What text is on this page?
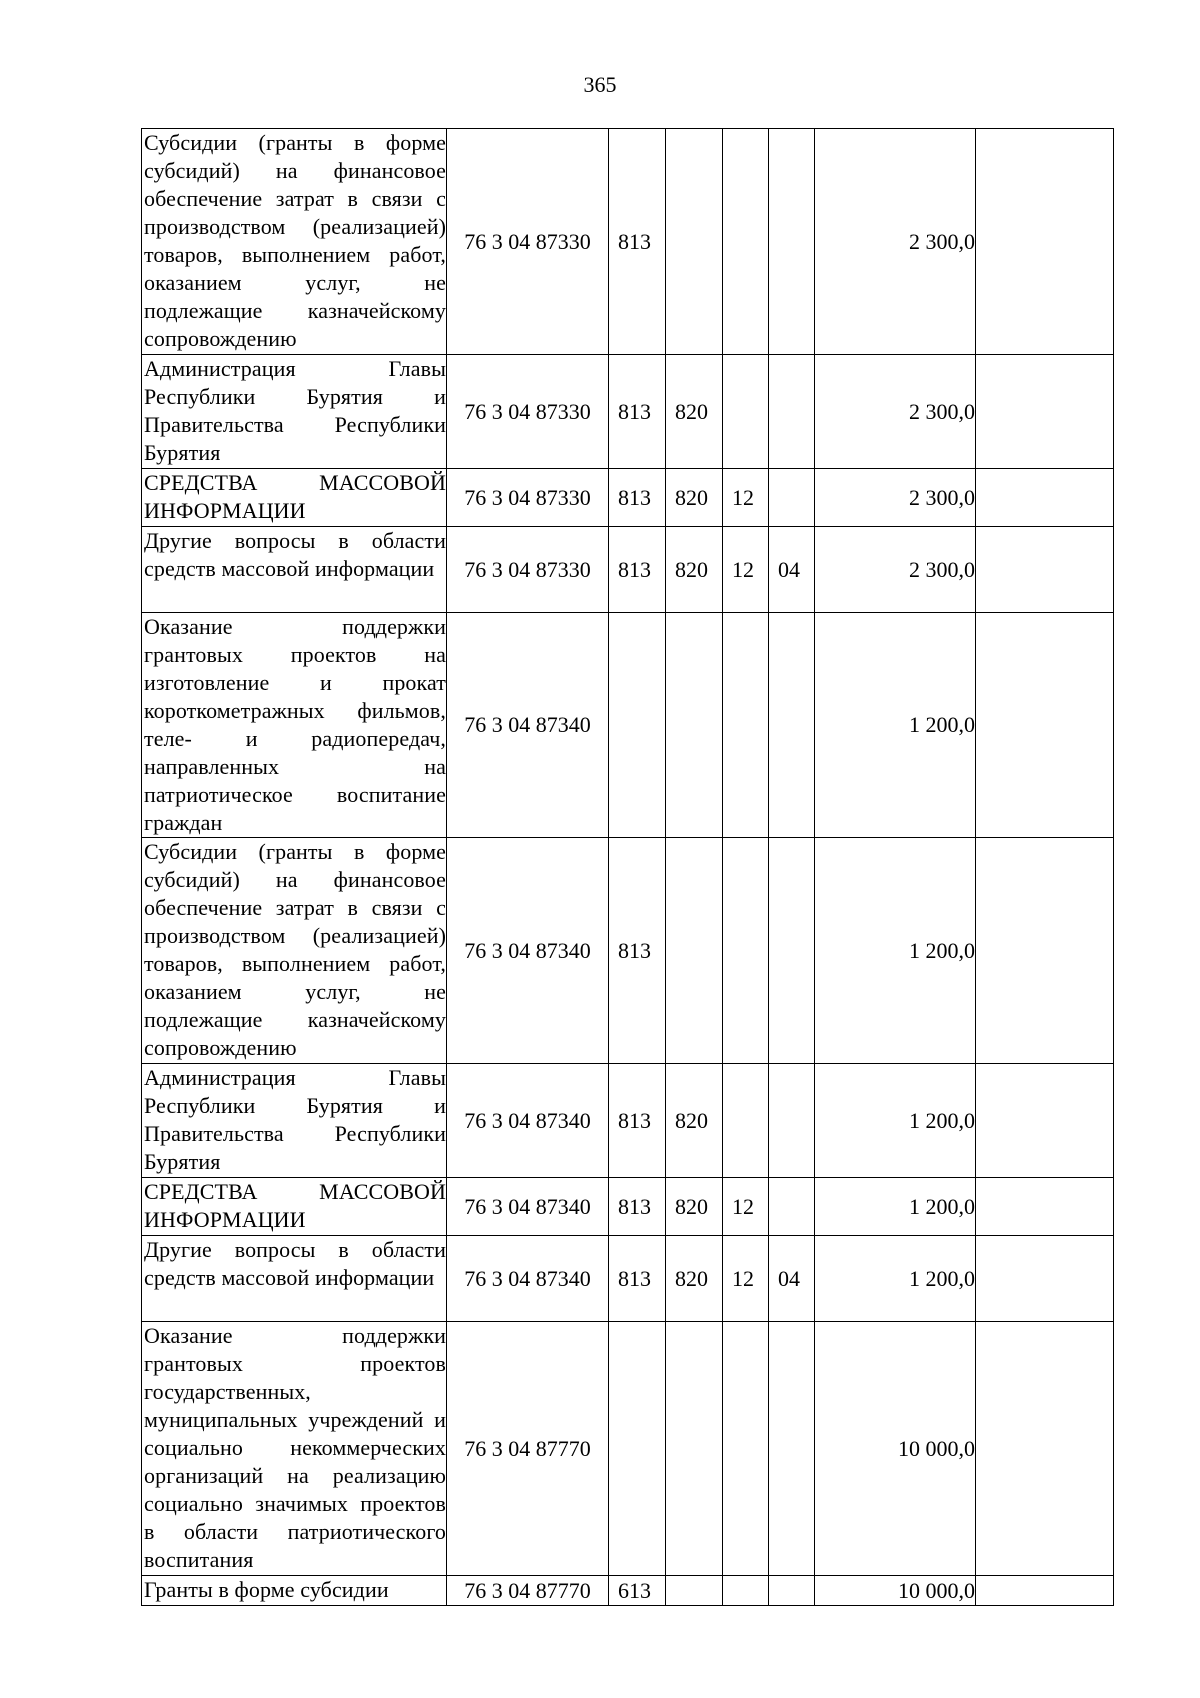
365
Субсидии (гранты в форме субсидий) на финансовое обеспечение затрат в связи с производством (реализацией) товаров, выполнением работ, оказанием услуг, не подлежащие казначейскому сопровождению	76 3 04 87330	813				2 300,0	

Администрация Главы Республики Бурятия и Правительства Республики Бурятия	76 3 04 87330	813	820			2 300,0	

СРЕДСТВА МАССОВОЙ ИНФОРМАЦИИ	76 3 04 87330	813	820	12		2 300,0	

Другие вопросы в области средств массовой информации	76 3 04 87330	813	820	12	04	2 300,0	

Оказание поддержки грантовых проектов на изготовление и прокат короткометражных фильмов, теле- и радиопередач, направленных на патриотическое воспитание граждан	76 3 04 87340					1 200,0	

Субсидии (гранты в форме субсидий) на финансовое обеспечение затрат в связи с производством (реализацией) товаров, выполнением работ, оказанием услуг, не подлежащие казначейскому сопровождению	76 3 04 87340	813				1 200,0	

Администрация Главы Республики Бурятия и Правительства Республики Бурятия	76 3 04 87340	813	820			1 200,0	

СРЕДСТВА МАССОВОЙ ИНФОРМАЦИИ	76 3 04 87340	813	820	12		1 200,0	

Другие вопросы в области средств массовой информации	76 3 04 87340	813	820	12	04	1 200,0	

Оказание поддержки грантовых проектов государственных, муниципальных учреждений и социально некоммерческих организаций на реализацию социально значимых проектов в области патриотического воспитания	76 3 04 87770					10 000,0	

Гранты в форме субсидии	76 3 04 87770	613				10 000,0	
